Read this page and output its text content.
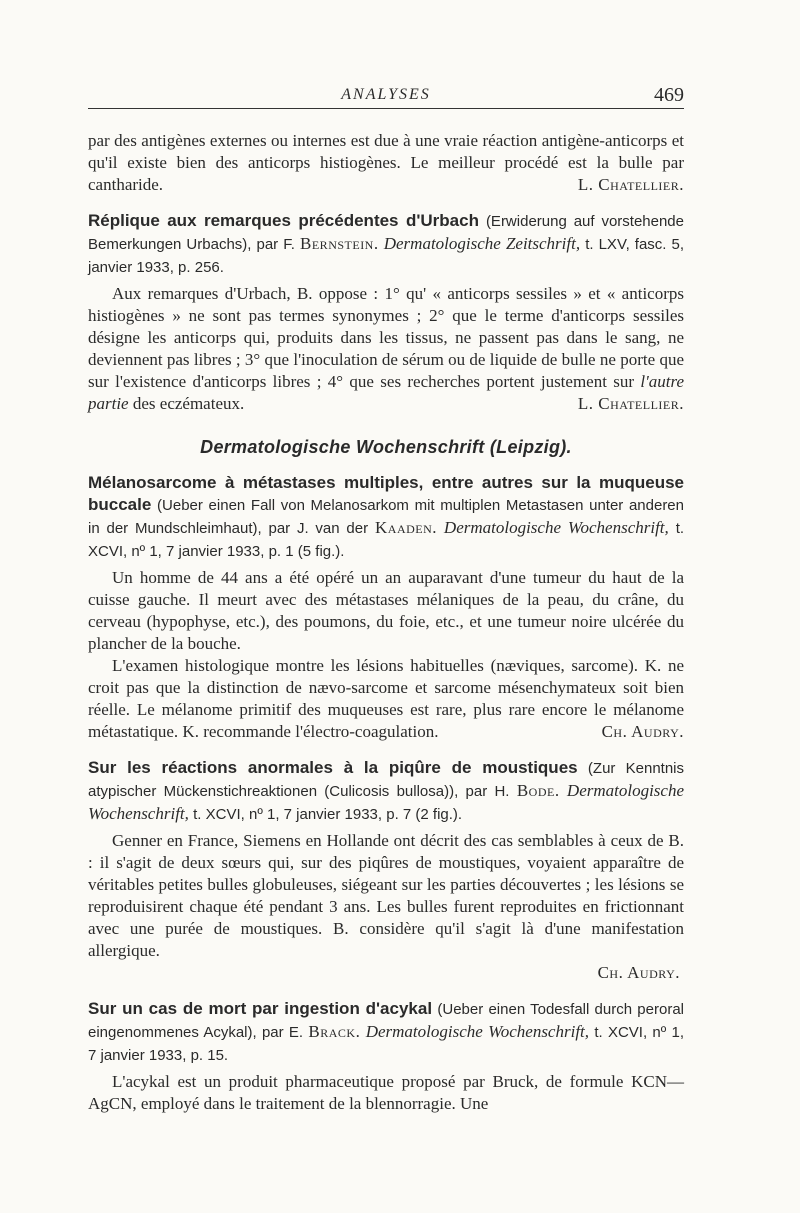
ANALYSES	469

par des antigènes externes ou internes est due à une vraie réaction antigène-anticorps et qu'il existe bien des anticorps histiogènes. Le meilleur procédé est la bulle par cantharide.	L. Chatellier.

Réplique aux remarques précédentes d'Urbach (Erwiderung auf vorstehende Bemerkungen Urbachs), par F. Bernstein. Dermatologische Zeitschrift, t. LXV, fasc. 5, janvier 1933, p. 256.

Aux remarques d'Urbach, B. oppose : 1° qu' « anticorps sessiles » et « anticorps histiogènes » ne sont pas termes synonymes ; 2° que le terme d'anticorps sessiles désigne les anticorps qui, produits dans les tissus, ne passent pas dans le sang, ne deviennent pas libres ; 3° que l'inoculation de sérum ou de liquide de bulle ne porte que sur l'existence d'anticorps libres ; 4° que ses recherches portent justement sur l'autre partie des eczémateux.	L. Chatellier.

Dermatologische Wochenschrift (Leipzig).
Mélanosarcome à métastases multiples, entre autres sur la muqueuse buccale (Ueber einen Fall von Melanosarkom mit multiplen Metastasen unter anderen in der Mundschleimhaut), par J. van der Kaaden. Dermatologische Wochenschrift, t. XCVI, nº 1, 7 janvier 1933, p. 1 (5 fig.).

Un homme de 44 ans a été opéré un an auparavant d'une tumeur du haut de la cuisse gauche. Il meurt avec des métastases mélaniques de la peau, du crâne, du cerveau (hypophyse, etc.), des poumons, du foie, etc., et une tumeur noire ulcérée du plancher de la bouche.

L'examen histologique montre les lésions habituelles (nævіques, sarcome). K. ne croit pas que la distinction de nævo-sarcome et sarcome mésenchymateux soit bien réelle. Le mélanome primitif des muqueuses est rare, plus rare encore le mélanome métastatique. K. recommande l'électro-coagulation.	Ch. Audry.

Sur les réactions anormales à la piqûre de moustiques (Zur Kenntnis atypischer Mückenstichreaktionen (Culicosis bullosa)), par H. Bode. Dermatologische Wochenschrift, t. XCVI, nº 1, 7 janvier 1933, p. 7 (2 fig.).

Genner en France, Siemens en Hollande ont décrit des cas semblables à ceux de B. : il s'agit de deux sœurs qui, sur des piqûres de moustiques, voyaient apparaître de véritables petites bulles globuleuses, siégeant sur les parties découvertes ; les lésions se reproduisirent chaque été pendant 3 ans. Les bulles furent reproduites en frictionnant avec une purée de moustiques. B. considère qu'il s'agit là d'une manifestation allergique.

Ch. Audry.

Sur un cas de mort par ingestion d'acykal (Ueber einen Todesfall durch peroral eingenommenes Acykal), par E. Brack. Dermatologische Wochenschrift, t. XCVI, nº 1, 7 janvier 1933, p. 15.

L'acykal est un produit pharmaceutique proposé par Bruck, de formule KCN—AgCN, employé dans le traitement de la blennorragie. Une
